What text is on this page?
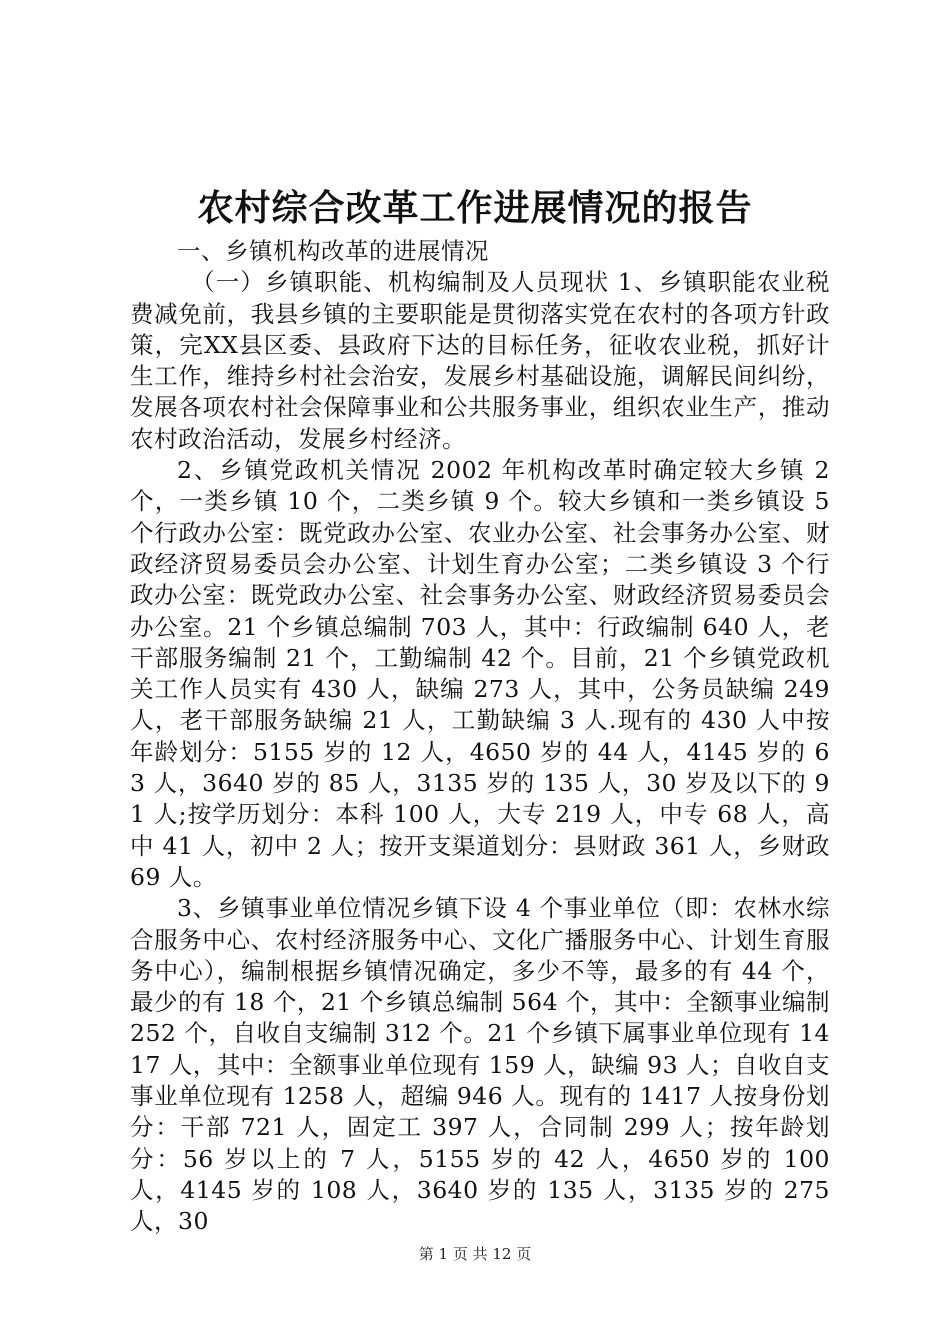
农村综合改革工作进展情况的报告

一、乡镇机构改革的进展情况

（一）乡镇职能、机构编制及人员现状 1、乡镇职能农业税费减免前，我县乡镇的主要职能是贯彻落实党在农村的各项方针政策，完XX县区委、县政府下达的目标任务，征收农业税，抓好计生工作，维持乡村社会治安，发展乡村基础设施，调解民间纠纷，发展各项农村社会保障事业和公共服务事业，组织农业生产，推动农村政治活动，发展乡村经济。

2、乡镇党政机关情况 2002 年机构改革时确定较大乡镇 2 个，一类乡镇 10 个，二类乡镇 9 个。较大乡镇和一类乡镇设 5 个行政办公室：既党政办公室、农业办公室、社会事务办公室、财政经济贸易委员会办公室、计划生育办公室；二类乡镇设 3 个行政办公室：既党政办公室、社会事务办公室、财政经济贸易委员会办公室。21 个乡镇总编制 703 人，其中：行政编制 640 人，老干部服务编制 21 个，工勤编制 42 个。目前，21 个乡镇党政机关工作人员实有 430 人，缺编 273 人，其中，公务员缺编 249 人，老干部服务缺编 21 人，工勤缺编 3 人.现有的 430 人中按年龄划分：5155 岁的 12 人，4650 岁的 44 人，4145 岁的 63 人，3640 岁的 85 人，3135 岁的 135 人，30 岁及以下的 91 人;按学历划分：本科 100 人，大专 219 人，中专 68 人，高中 41 人，初中 2 人；按开支渠道划分：县财政 361 人，乡财政 69 人。

3、乡镇事业单位情况乡镇下设 4 个事业单位（即：农林水综合服务中心、农村经济服务中心、文化广播服务中心、计划生育服务中心），编制根据乡镇情况确定，多少不等，最多的有 44 个，最少的有 18 个，21 个乡镇总编制 564 个，其中：全额事业编制 252 个，自收自支编制 312 个。21 个乡镇下属事业单位现有 1417 人，其中：全额事业单位现有 159 人，缺编 93 人；自收自支事业单位现有 1258 人，超编 946 人。现有的 1417 人按身份划分：干部 721 人，固定工 397 人，合同制 299 人；按年龄划分：56 岁以上的 7 人，5155 岁的 42 人，4650 岁的 100 人，4145 岁的 108 人，3640 岁的 135 人，3135 岁的 275 人，30

第 1 页 共 12 页
